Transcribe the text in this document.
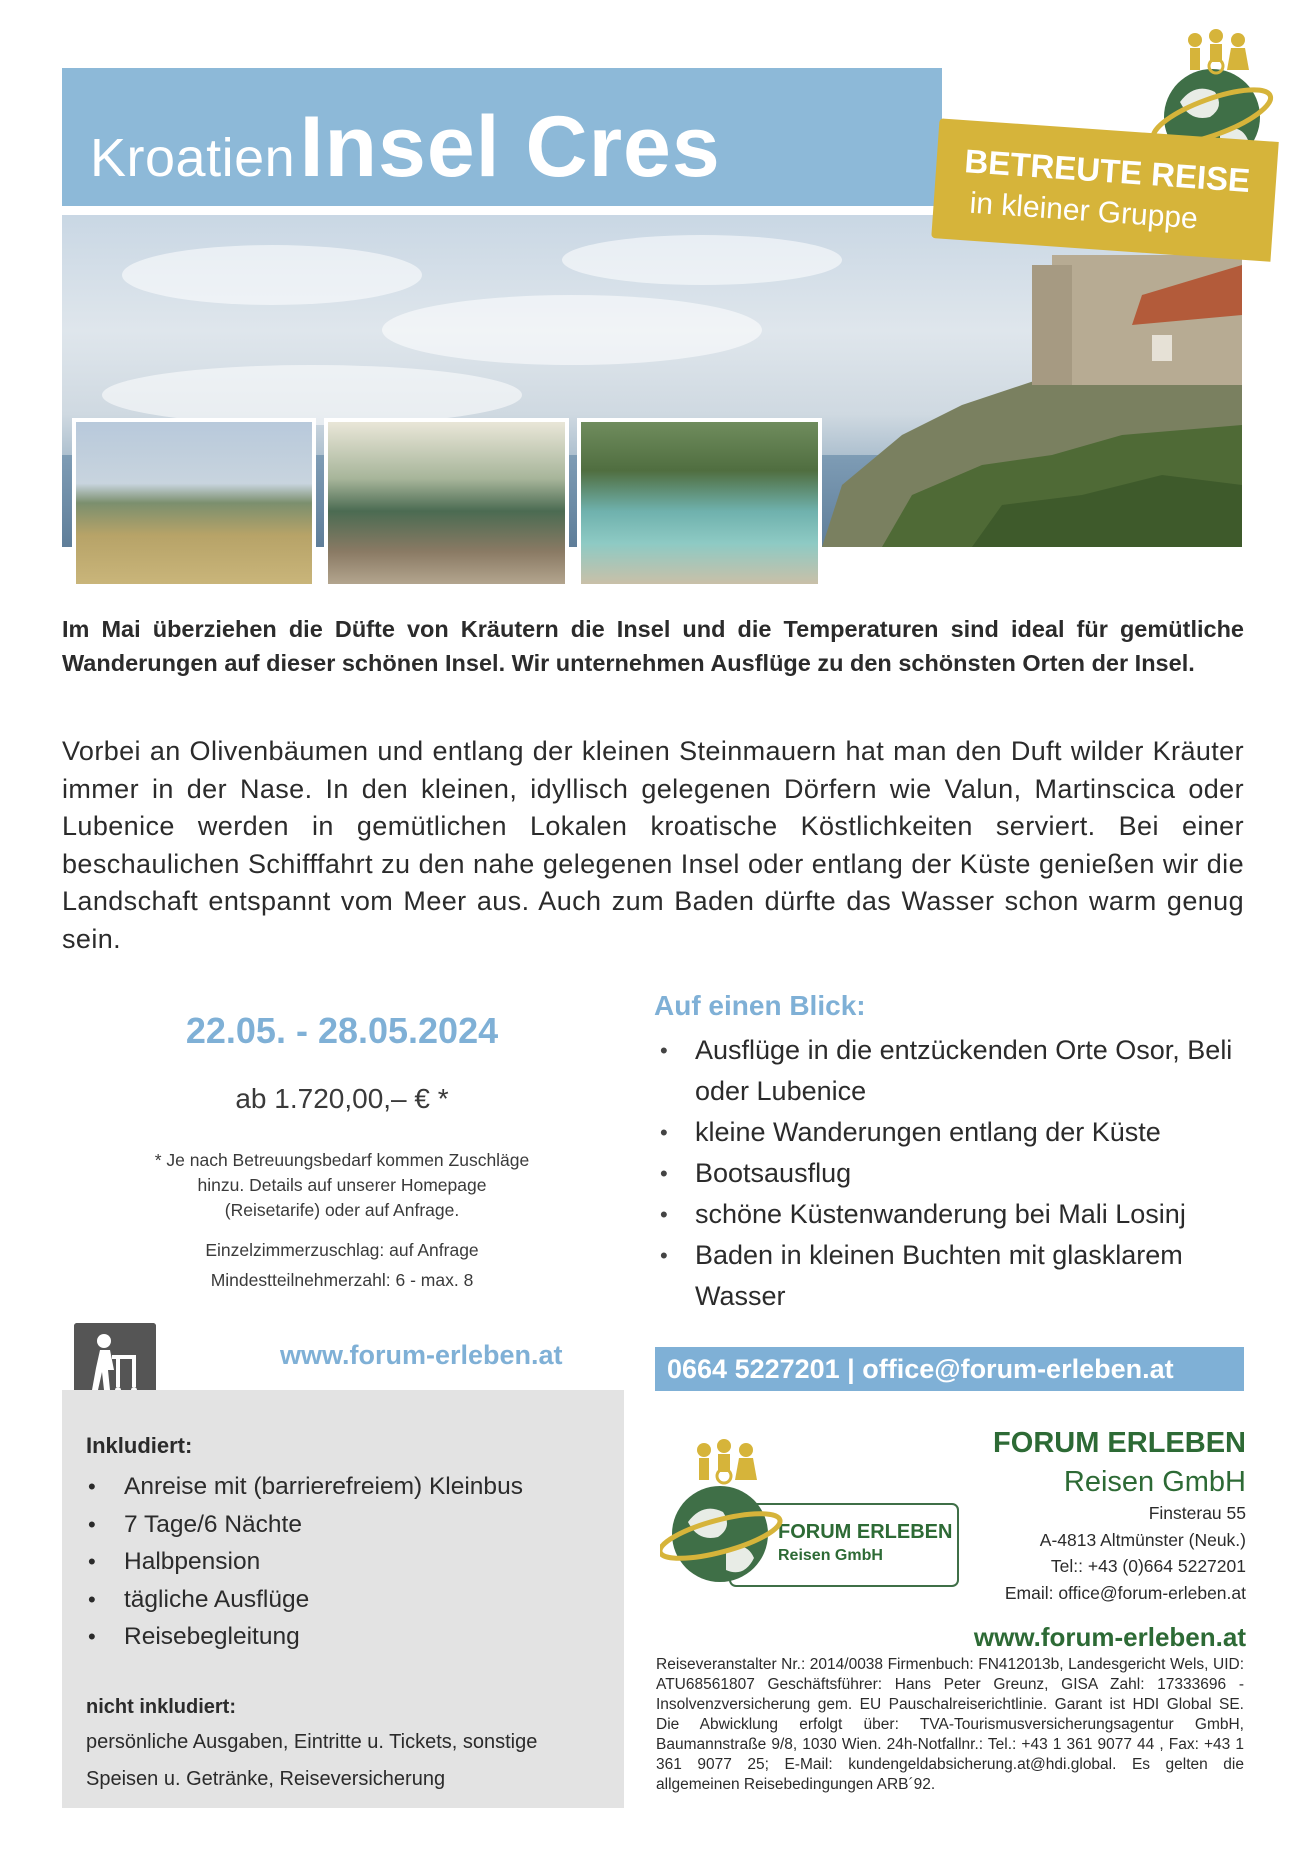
Kroatien Insel Cres	BETREUTE REISE
in kleiner Gruppe

Im Mai überziehen die Düfte von Kräutern die Insel und die Temperaturen sind ideal für gemütliche Wanderungen auf dieser schönen Insel. Wir unternehmen Ausflüge zu den schönsten Orten der Insel.

Vorbei an Olivenbäumen und entlang der kleinen Steinmauern hat man den Duft wilder Kräuter immer in der Nase. In den kleinen, idyllisch gelegenen Dörfern wie Valun, Martinscica oder Lubenice werden in gemütlichen Lokalen kroatische Köstlichkeiten serviert. Bei einer beschaulichen Schifffahrt zu den nahe gelegenen Insel oder entlang der Küste genießen wir die Landschaft entspannt vom Meer aus. Auch zum Baden dürfte das Wasser schon warm genug sein.

22.05. - 28.05.2024
ab 1.720,00,– € *
* Je nach Betreuungsbedarf kommen Zuschläge hinzu. Details auf unserer Homepage (Reisetarife) oder auf Anfrage.
Einzelzimmerzuschlag: auf Anfrage
Mindestteilnehmerzahl: 6 - max. 8
Auf einen Blick:
• Ausflüge in die entzückenden Orte Osor, Beli oder Lubenice
• kleine Wanderungen entlang der Küste
• Bootsausflug
• schöne Küstenwanderung bei Mali Losinj
• Baden in kleinen Buchten mit glasklarem Wasser
www.forum-erleben.at	0664 5227201 | office@forum-erleben.at
Inkludiert:
• Anreise mit (barrierefreiem) Kleinbus
• 7 Tage/6 Nächte
• Halbpension
• tägliche Ausflüge
• Reisebegleitung
nicht inkludiert:
persönliche Ausgaben, Eintritte u. Tickets, sonstige Speisen u. Getränke, Reiseversicherung
FORUM ERLEBEN
Reisen GmbH
FORUM ERLEBEN
Reisen GmbH
Finsterau 55
A-4813 Altmünster (Neuk.)
Tel:: +43 (0)664 5227201
Email: office@forum-erleben.at
www.forum-erleben.at

Reiseveranstalter Nr.: 2014/0038 Firmenbuch: FN412013b, Landesgericht Wels, UID: ATU68561807 Geschäftsführer: Hans Peter Greunz, GISA Zahl: 17333696 - Insolvenzversicherung gem. EU Pauschalreiserichtlinie. Garant ist HDI Global SE. Die Abwicklung erfolgt über: TVA-Tourismusversicherungsagentur GmbH, Baumannstraße 9/8, 1030 Wien. 24h-Notfallnr.: Tel.: +43 1 361 9077 44 , Fax: +43 1 361 9077 25; E-Mail: kundengeldabsicherung.at@hdi.global. Es gelten die allgemeinen Reisebedingungen ARB´92.
